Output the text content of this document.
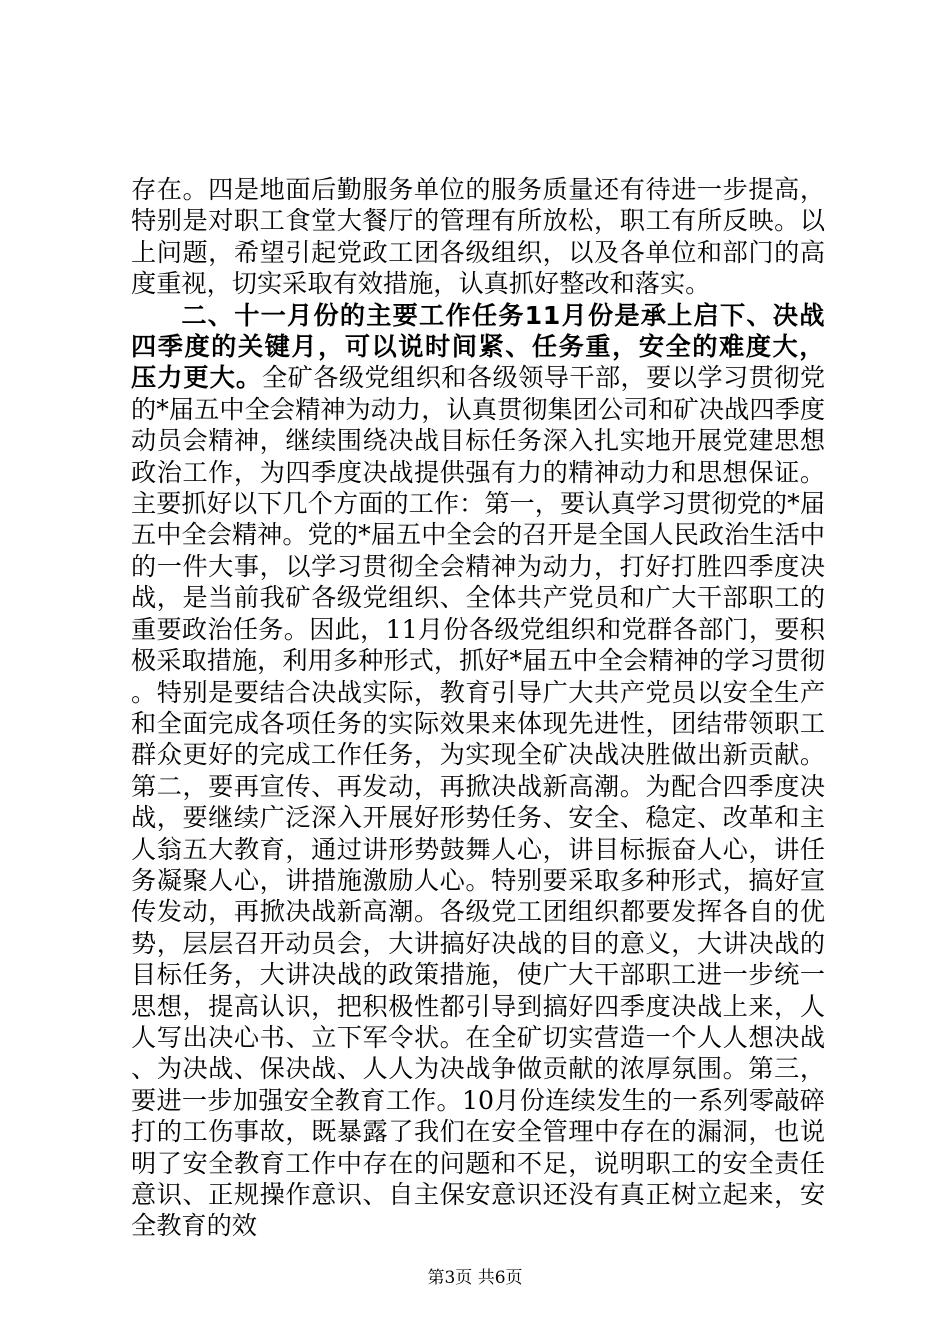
存在。四是地面后勤服务单位的服务质量还有待进一步提高，特别是对职工食堂大餐厅的管理有所放松，职工有所反映。以上问题，希望引起党政工团各级组织，以及各单位和部门的高度重视，切实采取有效措施，认真抓好整改和落实。

二、十一月份的主要工作任务11月份是承上启下、决战四季度的关键月，可以说时间紧、任务重，安全的难度大，压力更大。全矿各级党组织和各级领导干部，要以学习贯彻党的*届五中全会精神为动力，认真贯彻集团公司和矿决战四季度动员会精神，继续围绕决战目标任务深入扎实地开展党建思想政治工作，为四季度决战提供强有力的精神动力和思想保证。主要抓好以下几个方面的工作：第一，要认真学习贯彻党的*届五中全会精神。党的*届五中全会的召开是全国人民政治生活中的一件大事，以学习贯彻全会精神为动力，打好打胜四季度决战，是当前我矿各级党组织、全体共产党员和广大干部职工的重要政治任务。因此，11月份各级党组织和党群各部门，要积极采取措施，利用多种形式，抓好*届五中全会精神的学习贯彻。特别是要结合决战实际，教育引导广大共产党员以安全生产和全面完成各项任务的实际效果来体现先进性，团结带领职工群众更好的完成工作任务，为实现全矿决战决胜做出新贡献。第二，要再宣传、再发动，再掀决战新高潮。为配合四季度决战，要继续广泛深入开展好形势任务、安全、稳定、改革和主人翁五大教育，通过讲形势鼓舞人心，讲目标振奋人心，讲任务凝聚人心，讲措施激励人心。特别要采取多种形式，搞好宣传发动，再掀决战新高潮。各级党工团组织都要发挥各自的优势，层层召开动员会，大讲搞好决战的目的意义，大讲决战的目标任务，大讲决战的政策措施，使广大干部职工进一步统一思想，提高认识，把积极性都引导到搞好四季度决战上来，人人写出决心书、立下军令状。在全矿切实营造一个人人想决战、为决战、保决战、人人为决战争做贡献的浓厚氛围。第三，要进一步加强安全教育工作。10月份连续发生的一系列零敲碎打的工伤事故，既暴露了我们在安全管理中存在的漏洞，也说明了安全教育工作中存在的问题和不足，说明职工的安全责任意识、正规操作意识、自主保安意识还没有真正树立起来，安全教育的效

第3页 共6页
